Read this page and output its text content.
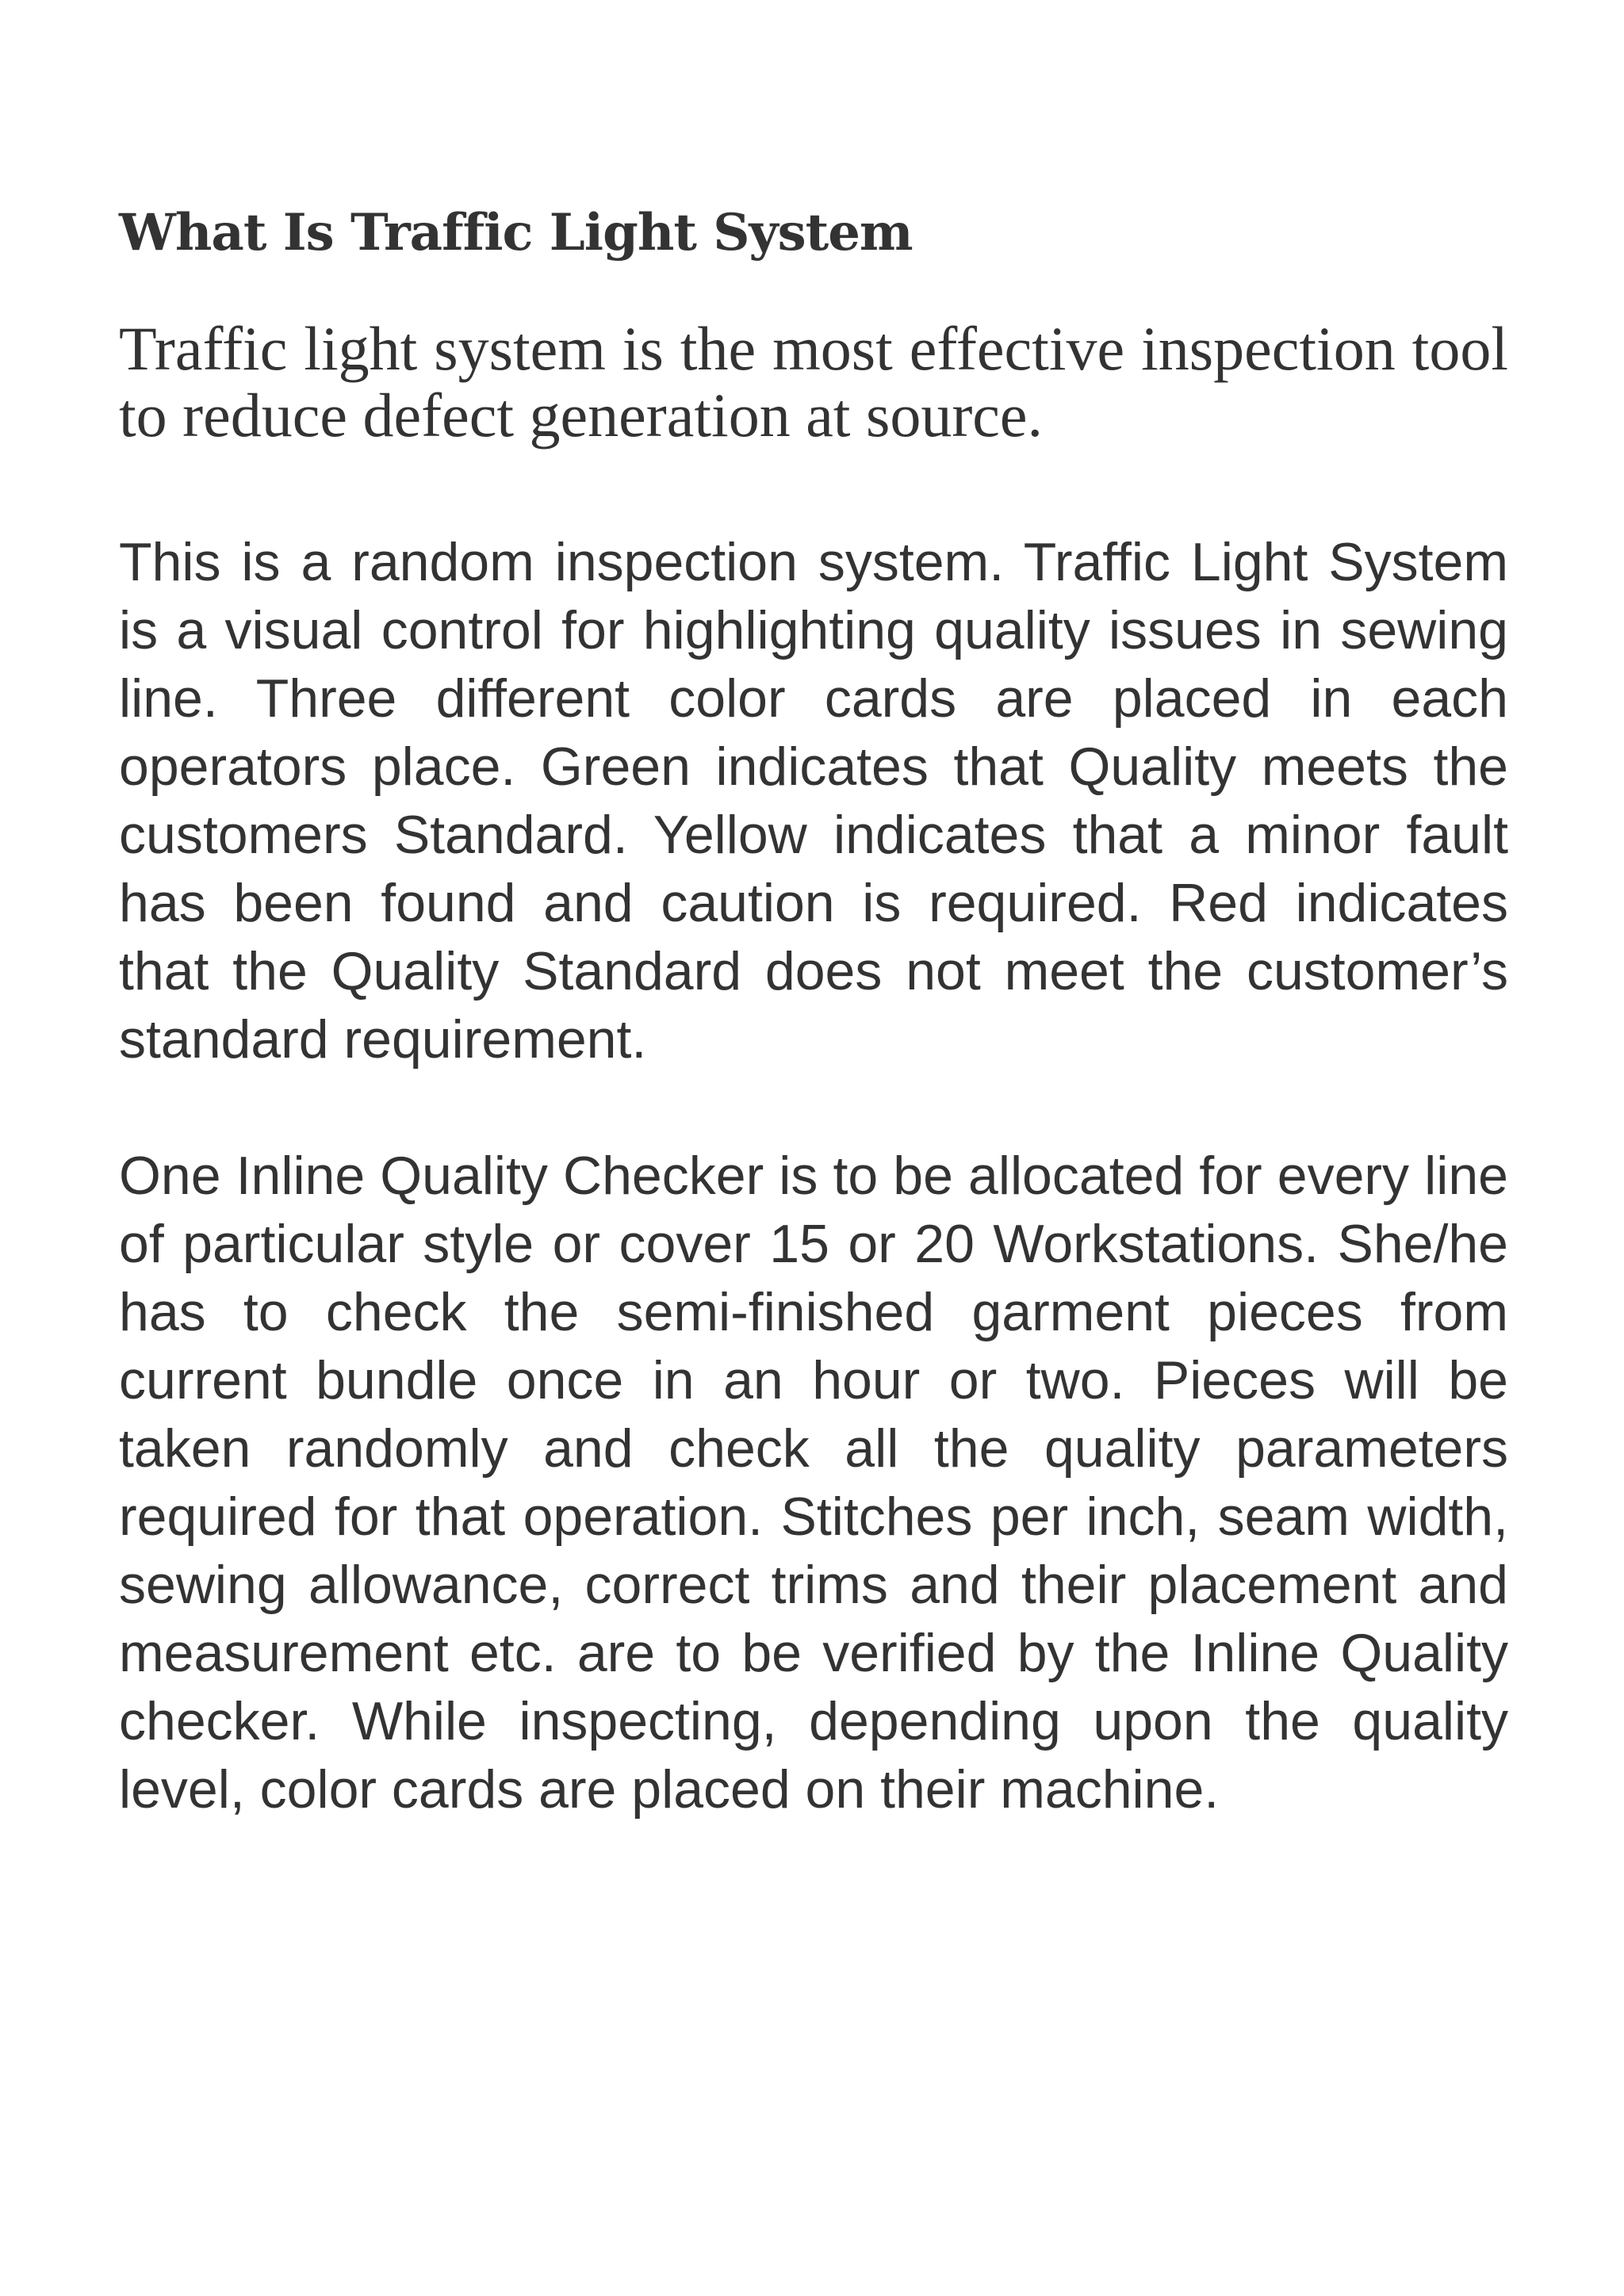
What Is Traffic Light System

Traffic light system is the most effective inspection tool to reduce defect generation at source.

This is a random inspection system. Traffic Light System is a visual control for highlighting quality issues in sewing line. Three different color cards are placed in each operators place. Green indicates that Quality meets the customers Standard. Yellow indicates that a minor fault has been found and caution is required. Red indicates that the Quality Standard does not meet the customer’s standard requirement.

One Inline Quality Checker is to be allocated for every line of particular style or cover 15 or 20 Workstations. She/he has to check the semi-finished garment pieces from current bundle once in an hour or two. Pieces will be taken randomly and check all the quality parameters required for that operation. Stitches per inch, seam width, sewing allowance, correct trims and their placement and measurement etc. are to be verified by the Inline Quality checker. While inspecting, depending upon the quality level, color cards are placed on their machine.
